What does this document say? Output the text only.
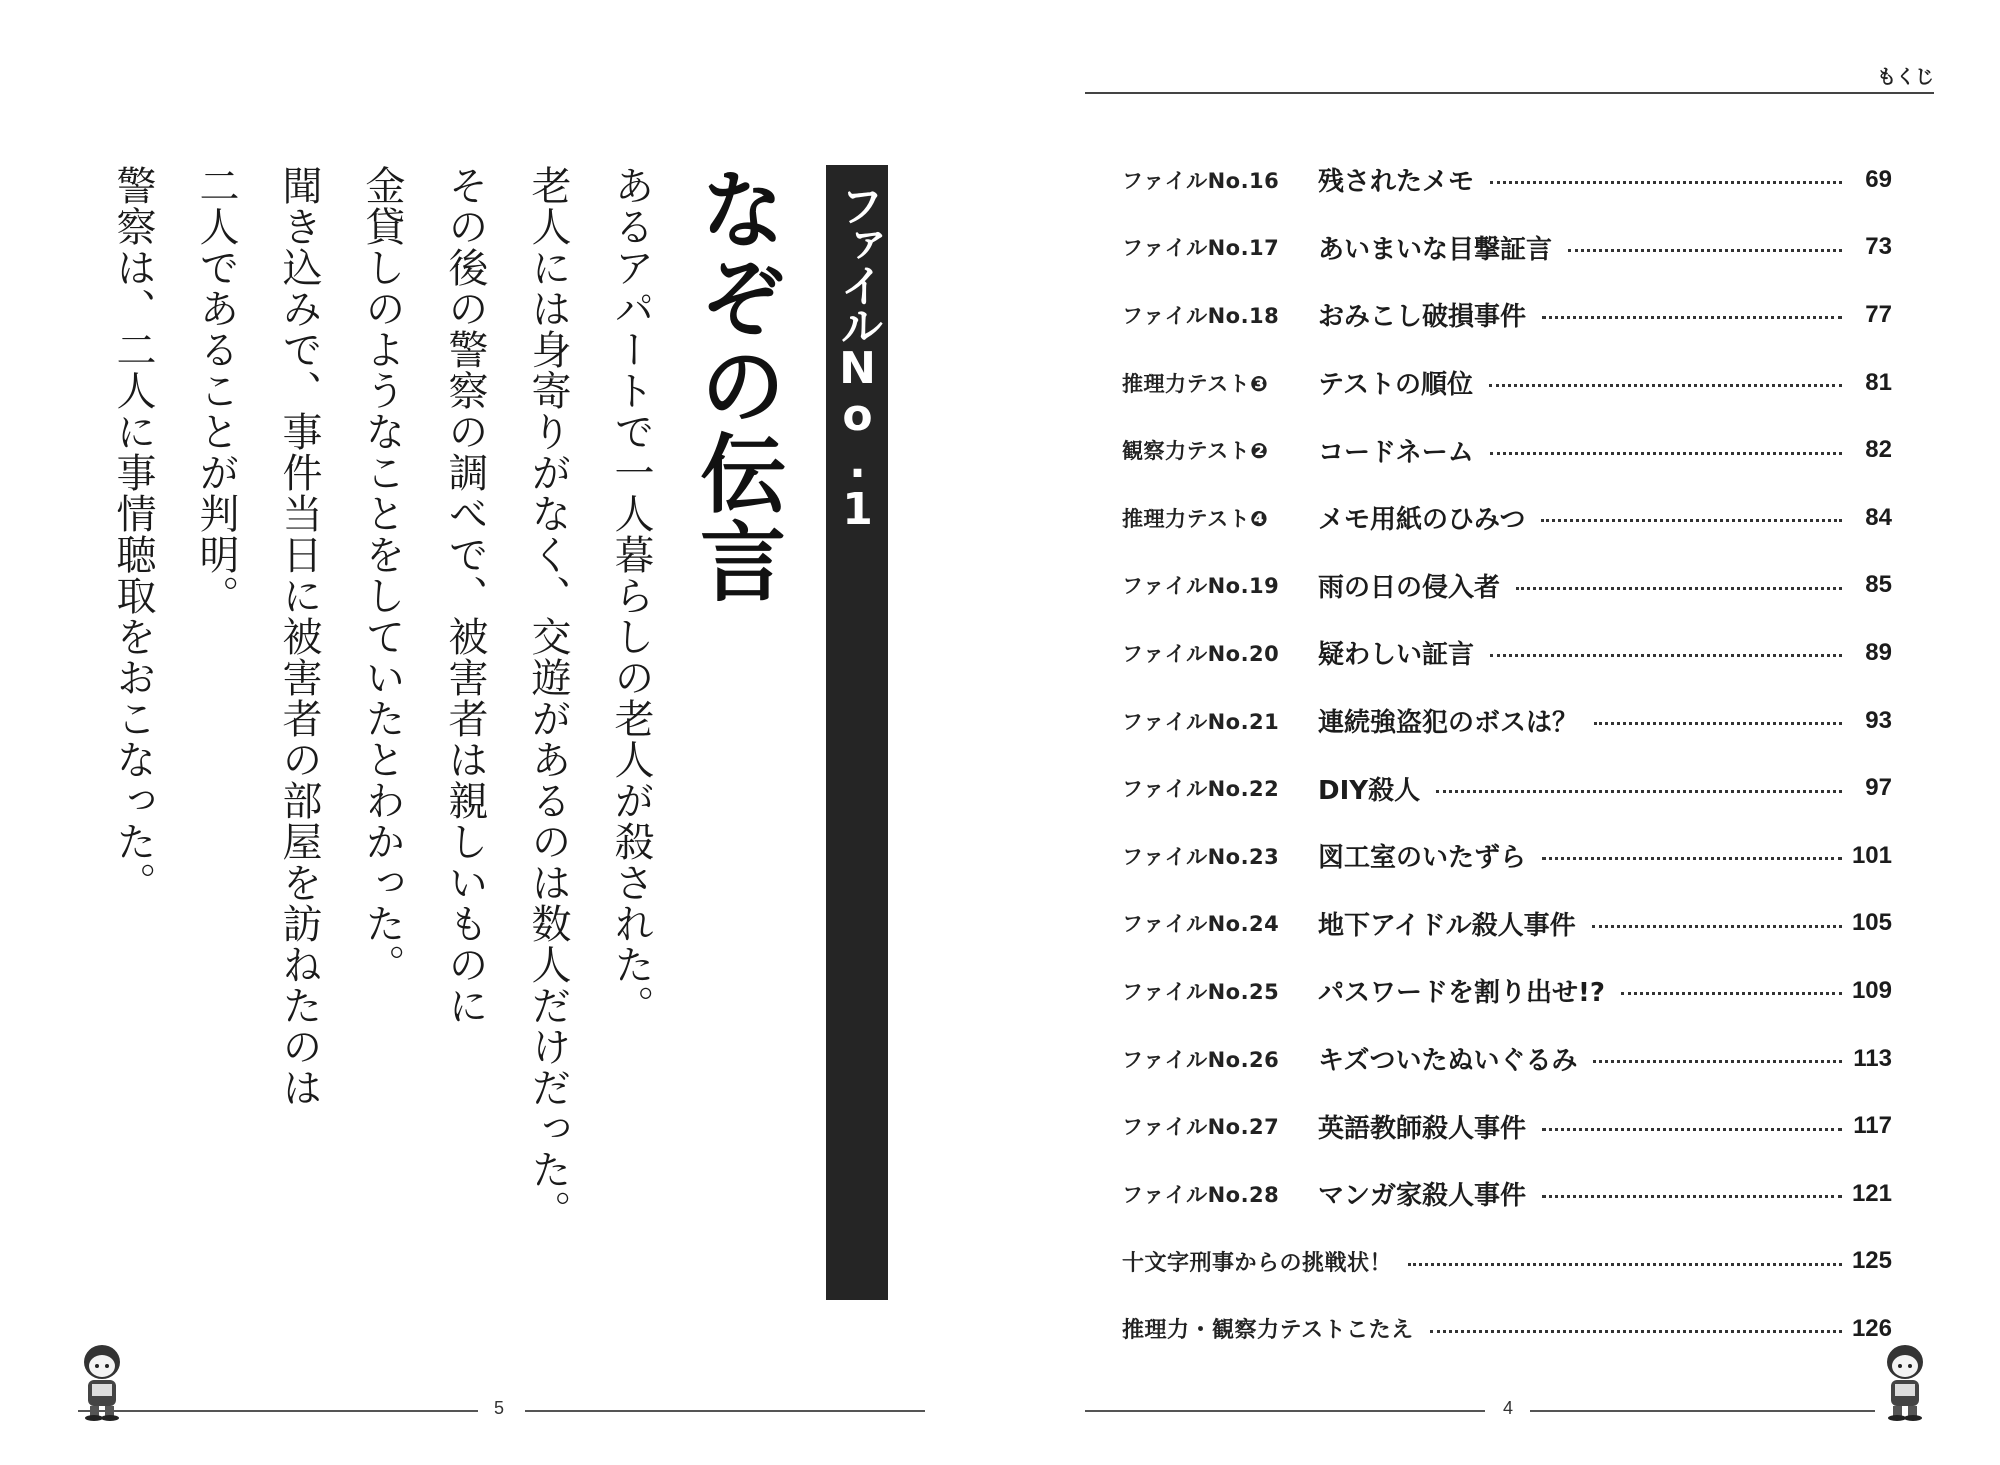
ファイルNo.1
なぞの伝言
あるアパートで一人暮らしの老人が殺された。
老人には身寄りがなく、交遊があるのは数人だけだった。
その後の警察の調べで、被害者は親しいものに
金貸しのようなことをしていたとわかった。
聞き込みで、事件当日に被害者の部屋を訪ねたのは
二人であることが判明。
警察は、二人に事情聴取をおこなった。
5
もくじ
ファイルNo.16	残されたメモ	69
ファイルNo.17	あいまいな目撃証言	73
ファイルNo.18	おみこし破損事件	77
推理力テスト❸	テストの順位	81
観察力テスト❷	コードネーム	82
推理力テスト❹	メモ用紙のひみつ	84
ファイルNo.19	雨の日の侵入者	85
ファイルNo.20	疑わしい証言	89
ファイルNo.21	連続強盗犯のボスは？	93
ファイルNo.22	DIY殺人	97
ファイルNo.23	図工室のいたずら	101
ファイルNo.24	地下アイドル殺人事件	105
ファイルNo.25	パスワードを割り出せ!?	109
ファイルNo.26	キズついたぬいぐるみ	113
ファイルNo.27	英語教師殺人事件	117
ファイルNo.28	マンガ家殺人事件	121
十文字刑事からの挑戦状！	125
推理力・観察力テストこたえ	126
4
